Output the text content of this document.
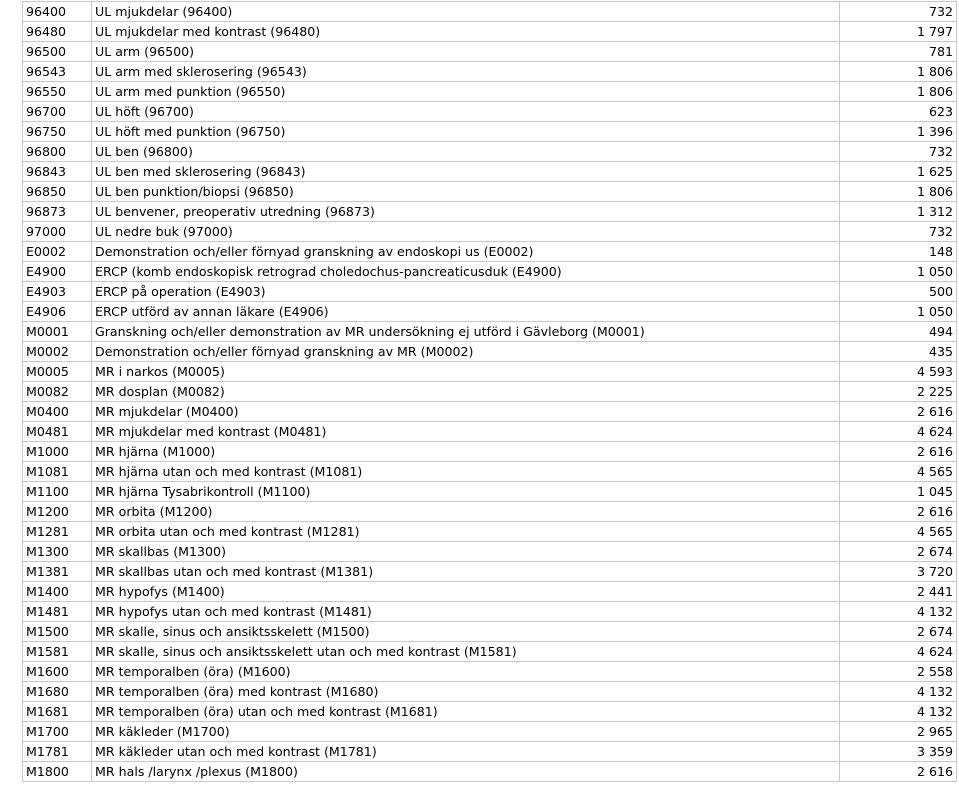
96400	UL mjukdelar (96400)	732
96480	UL mjukdelar med kontrast (96480)	1 797
96500	UL arm (96500)	781
96543	UL arm med sklerosering (96543)	1 806
96550	UL arm med punktion (96550)	1 806
96700	UL höft (96700)	623
96750	UL höft med punktion (96750)	1 396
96800	UL ben (96800)	732
96843	UL ben med sklerosering (96843)	1 625
96850	UL ben punktion/biopsi (96850)	1 806
96873	UL benvener, preoperativ utredning (96873)	1 312
97000	UL nedre buk (97000)	732
E0002	Demonstration och/eller förnyad granskning av endoskopi us (E0002)	148
E4900	ERCP (komb endoskopisk retrograd choledochus-pancreaticusduk (E4900)	1 050
E4903	ERCP på operation (E4903)	500
E4906	ERCP utförd av annan läkare (E4906)	1 050
M0001	Granskning och/eller demonstration av MR undersökning ej utförd i Gävleborg (M0001)	494
M0002	Demonstration och/eller förnyad granskning av MR (M0002)	435
M0005	MR i narkos (M0005)	4 593
M0082	MR dosplan (M0082)	2 225
M0400	MR mjukdelar (M0400)	2 616
M0481	MR mjukdelar med kontrast (M0481)	4 624
M1000	MR hjärna (M1000)	2 616
M1081	MR hjärna utan och med kontrast (M1081)	4 565
M1100	MR hjärna Tysabrikontroll (M1100)	1 045
M1200	MR orbita (M1200)	2 616
M1281	MR orbita utan och med kontrast (M1281)	4 565
M1300	MR skallbas (M1300)	2 674
M1381	MR skallbas utan och med kontrast (M1381)	3 720
M1400	MR hypofys (M1400)	2 441
M1481	MR hypofys utan och med kontrast (M1481)	4 132
M1500	MR skalle, sinus och ansiktsskelett (M1500)	2 674
M1581	MR skalle, sinus och ansiktsskelett utan och med kontrast (M1581)	4 624
M1600	MR temporalben (öra) (M1600)	2 558
M1680	MR temporalben (öra) med kontrast (M1680)	4 132
M1681	MR temporalben (öra) utan och med kontrast (M1681)	4 132
M1700	MR käkleder (M1700)	2 965
M1781	MR käkleder utan och med kontrast (M1781)	3 359
M1800	MR hals /larynx /plexus (M1800)	2 616
